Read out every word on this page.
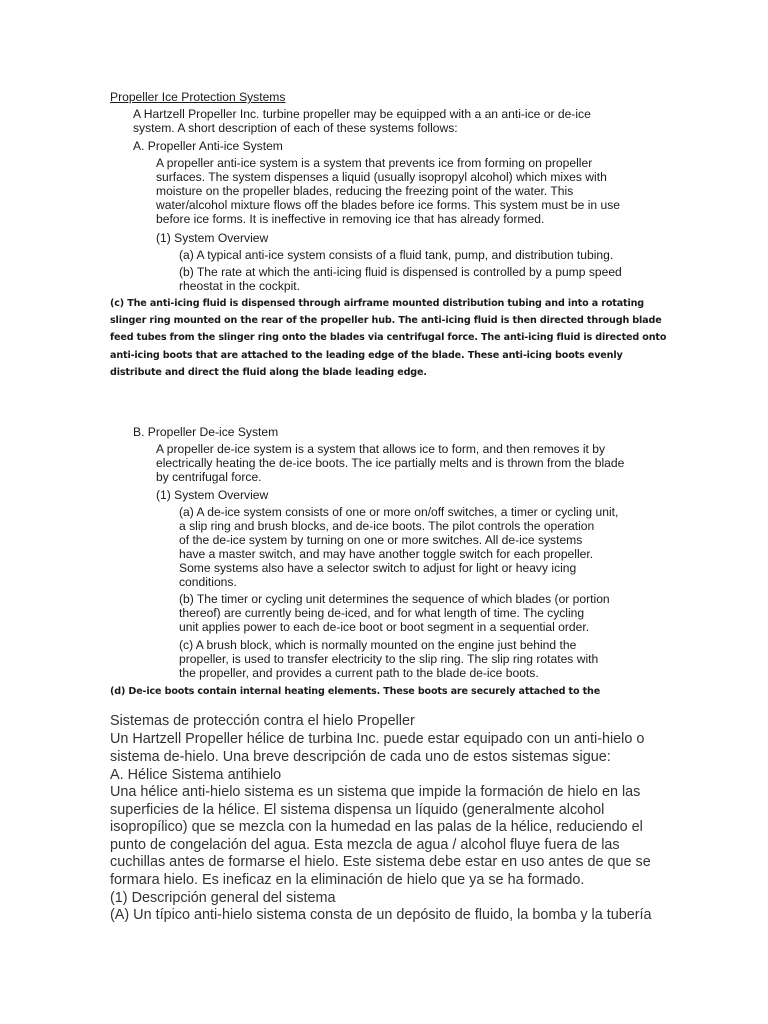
Propeller Ice Protection Systems

A Hartzell Propeller Inc. turbine propeller may be equipped with a an anti-ice or de-ice
system. A short description of each of these systems follows:

A. Propeller Anti-ice System

A propeller anti-ice system is a system that prevents ice from forming on propeller
surfaces. The system dispenses a liquid (usually isopropyl alcohol) which mixes with
moisture on the propeller blades, reducing the freezing point of the water. This
water/alcohol mixture flows off the blades before ice forms. This system must be in use
before ice forms. It is ineffective in removing ice that has already formed.

(1) System Overview

(a) A typical anti-ice system consists of a fluid tank, pump, and distribution tubing.

(b) The rate at which the anti-icing fluid is dispensed is controlled by a pump speed
rheostat in the cockpit.

(c) The anti-icing fluid is dispensed through airframe mounted distribution tubing and into a rotating
slinger ring mounted on the rear of the propeller hub. The anti-icing fluid is then directed through blade
feed tubes from the slinger ring onto the blades via centrifugal force. The anti-icing fluid is directed onto
anti-icing boots that are attached to the leading edge of the blade. These anti-icing boots evenly
distribute and direct the fluid along the blade leading edge.

B. Propeller De-ice System

A propeller de-ice system is a system that allows ice to form, and then removes it by
electrically heating the de-ice boots. The ice partially melts and is thrown from the blade
by centrifugal force.

(1) System Overview

(a) A de-ice system consists of one or more on/off switches, a timer or cycling unit,
a slip ring and brush blocks, and de-ice boots. The pilot controls the operation
of the de-ice system by turning on one or more switches. All de-ice systems
have a master switch, and may have another toggle switch for each propeller.
Some systems also have a selector switch to adjust for light or heavy icing
conditions.

(b) The timer or cycling unit determines the sequence of which blades (or portion
thereof) are currently being de-iced, and for what length of time. The cycling
unit applies power to each de-ice boot or boot segment in a sequential order.

(c) A brush block, which is normally mounted on the engine just behind the
propeller, is used to transfer electricity to the slip ring. The slip ring rotates with
the propeller, and provides a current path to the blade de-ice boots.

(d) De-ice boots contain internal heating elements. These boots are securely attached to the

Sistemas de protección contra el hielo Propeller

Un Hartzell Propeller hélice de turbina Inc. puede estar equipado con un anti-hielo o
sistema de-hielo. Una breve descripción de cada uno de estos sistemas sigue:

A. Hélice Sistema antihielo

Una hélice anti-hielo sistema es un sistema que impide la formación de hielo en las
superficies de la hélice. El sistema dispensa un líquido (generalmente alcohol
isopropílico) que se mezcla con la humedad en las palas de la hélice, reduciendo el
punto de congelación del agua. Esta mezcla de agua / alcohol fluye fuera de las
cuchillas antes de formarse el hielo. Este sistema debe estar en uso antes de que se
formara hielo. Es ineficaz en la eliminación de hielo que ya se ha formado.

(1) Descripción general del sistema

(A) Un típico anti-hielo sistema consta de un depósito de fluido, la bomba y la tubería
